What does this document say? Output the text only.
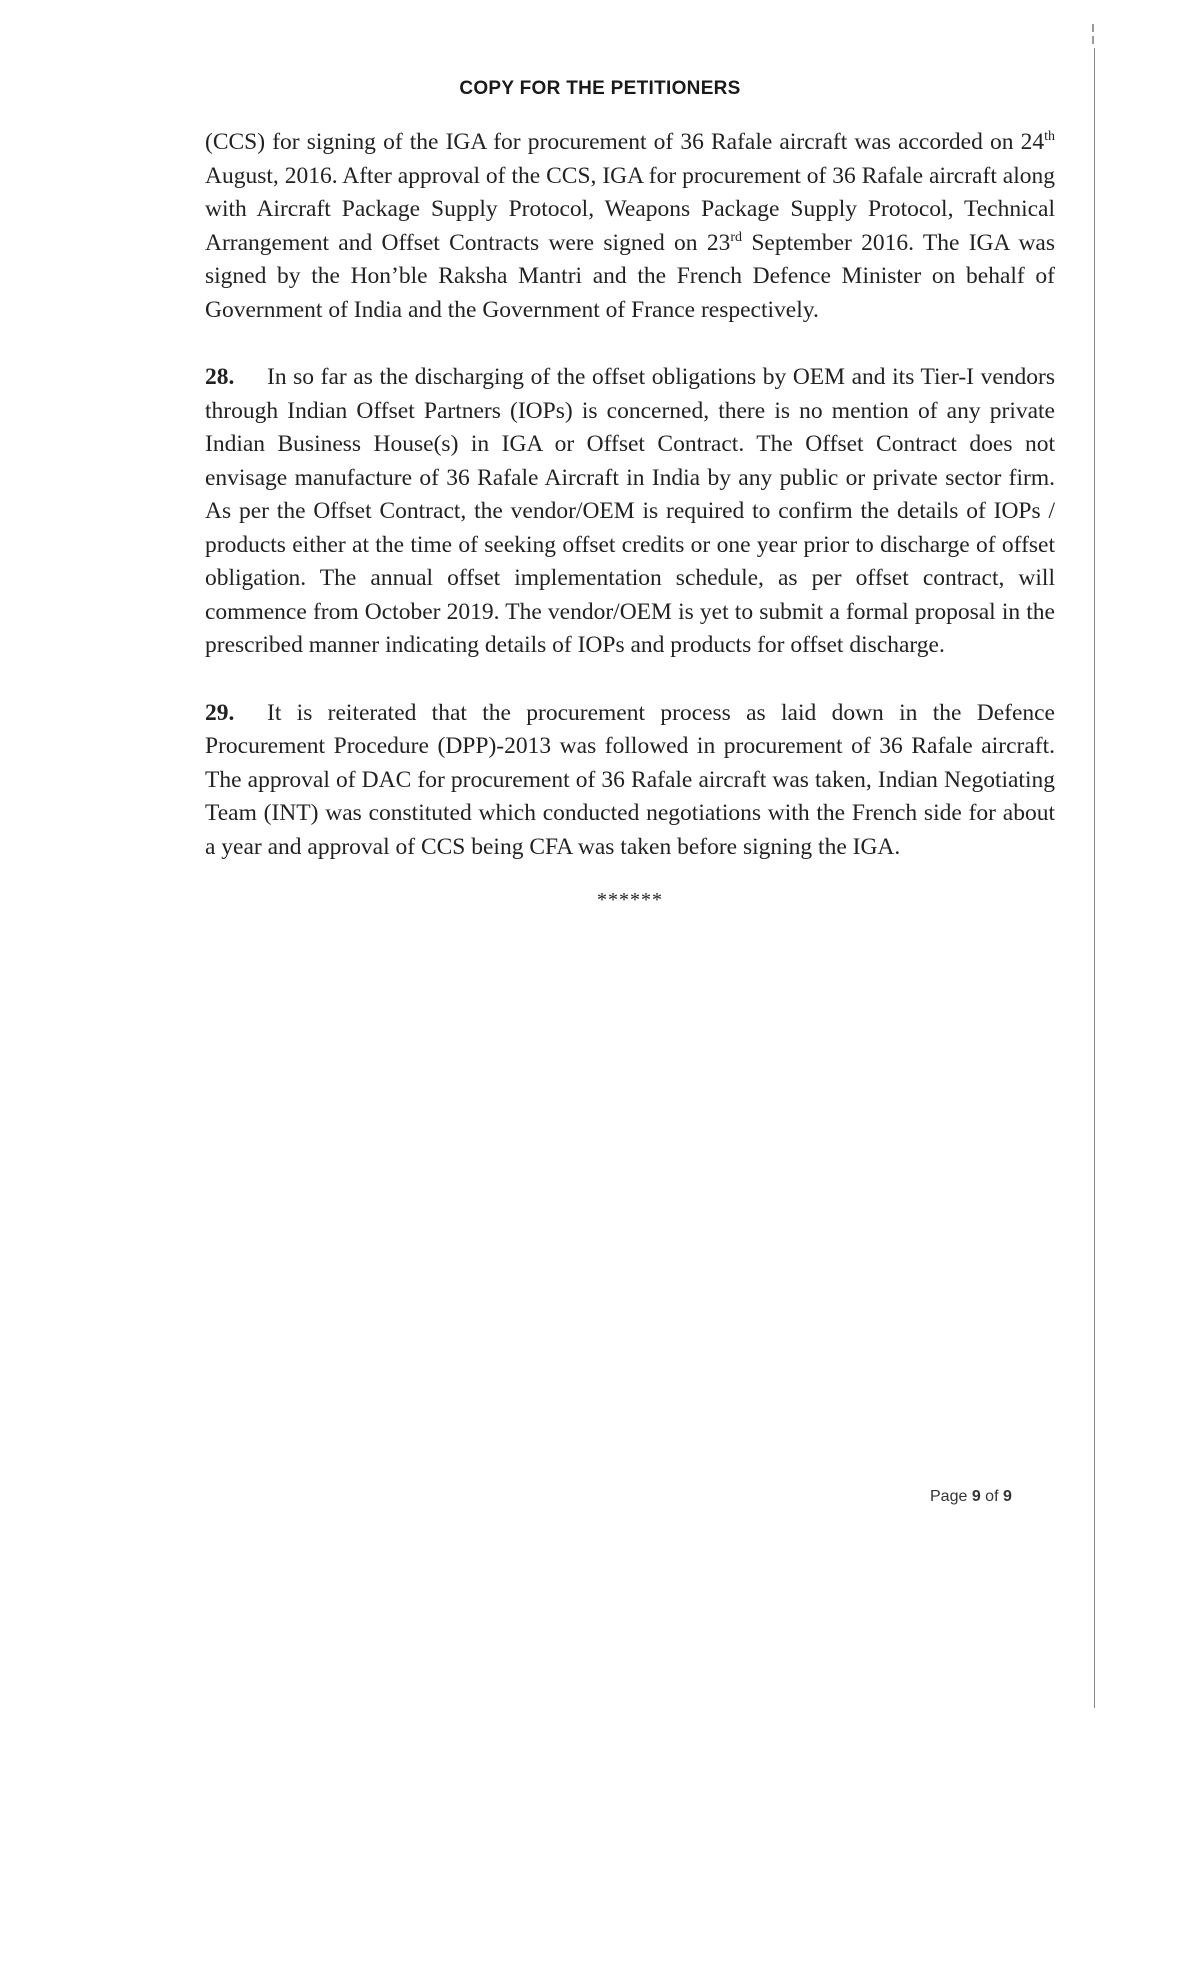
COPY FOR THE PETITIONERS

(CCS) for signing of the IGA for procurement of 36 Rafale aircraft was accorded on 24th August, 2016. After approval of the CCS, IGA for procurement of 36 Rafale aircraft along with Aircraft Package Supply Protocol, Weapons Package Supply Protocol, Technical Arrangement and Offset Contracts were signed on 23rd September 2016. The IGA was signed by the Hon’ble Raksha Mantri and the French Defence Minister on behalf of Government of India and the Government of France respectively.

28. In so far as the discharging of the offset obligations by OEM and its Tier-I vendors through Indian Offset Partners (IOPs) is concerned, there is no mention of any private Indian Business House(s) in IGA or Offset Contract. The Offset Contract does not envisage manufacture of 36 Rafale Aircraft in India by any public or private sector firm. As per the Offset Contract, the vendor/OEM is required to confirm the details of IOPs / products either at the time of seeking offset credits or one year prior to discharge of offset obligation. The annual offset implementation schedule, as per offset contract, will commence from October 2019. The vendor/OEM is yet to submit a formal proposal in the prescribed manner indicating details of IOPs and products for offset discharge.

29. It is reiterated that the procurement process as laid down in the Defence Procurement Procedure (DPP)-2013 was followed in procurement of 36 Rafale aircraft. The approval of DAC for procurement of 36 Rafale aircraft was taken, Indian Negotiating Team (INT) was constituted which conducted negotiations with the French side for about a year and approval of CCS being CFA was taken before signing the IGA.

******
Page 9 of 9
